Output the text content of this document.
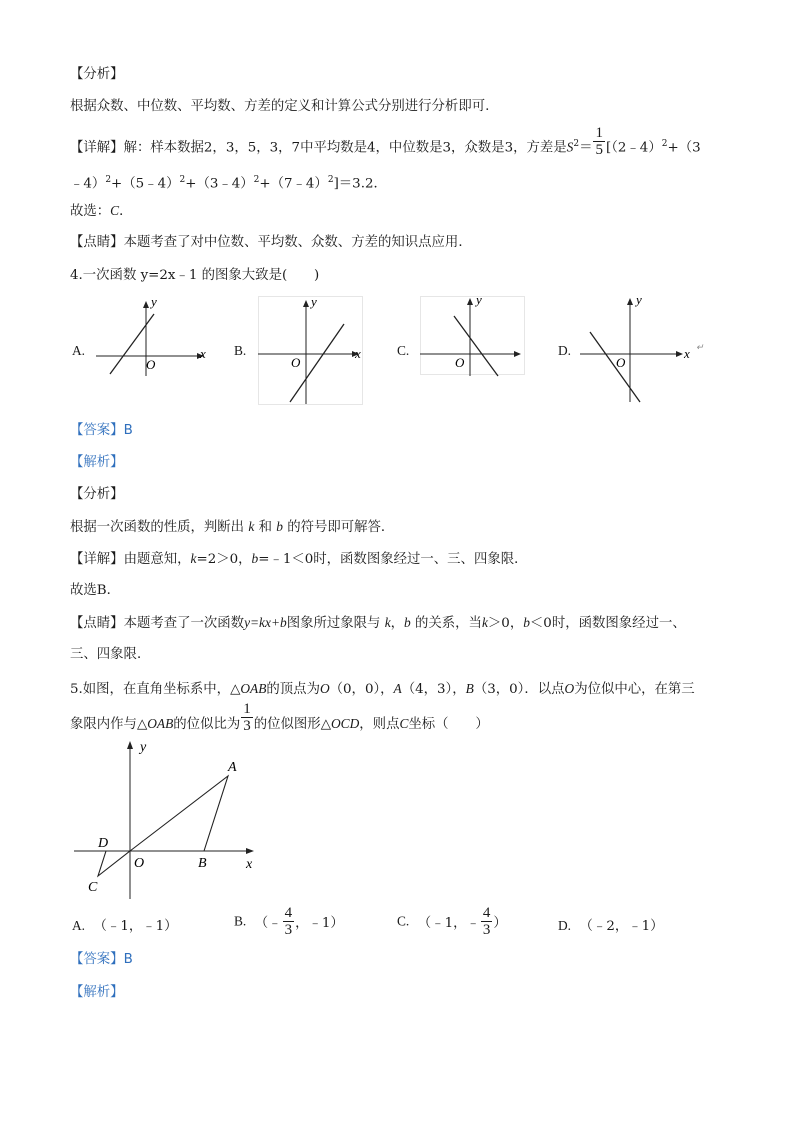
【分析】
根据众数、中位数、平均数、方差的定义和计算公式分别进行分析即可.
【详解】解：样本数据2，3，5，3，7中平均数是4，中位数是3，众数是3，方差是$S^2= \frac{1}{5}$ [（2﹣4）$^2$+（3
﹣4）$^2$+（5﹣4）$^2$+（3﹣4）$^2$+（7﹣4）$^2$]＝3.2．
故选：C．
【点睛】本题考查了对中位数、平均数、众数、方差的知识点应用．
4.一次函数 y=2x﹣1 的图象大致是(　　)
A.	x
y
O
B.	x
y
O
C.
y
O
D.	x
y
O
↵
【答案】B
【解析】
【分析】
根据一次函数的性质，判断出 k 和 b 的符号即可解答．
【详解】由题意知，k=2＞0，b=﹣1＜0时，函数图象经过一、三、四象限．
故选B．
【点睛】本题考查了一次函数y=kx+b图象所过象限与 k，b 的关系，当k＞0，b＜0时，函数图象经过一、
三、四象限．
5.如图，在直角坐标系中，△OAB的顶点为O（0，0），A（4，3），B（3，0）．以点O为位似中心，在第三
象限内作与△OAB的位似比为 $\frac{1}{3}$ 的位似图形△OCD，则点C坐标（　　）
y
x
A
B
C
D
O
A. （﹣1，﹣1）	B. （﹣ $\frac{4}{3}$ ，﹣1）	C. （﹣1，﹣ $\frac{4}{3}$ ）	D. （﹣2，﹣1）
【答案】B
【解析】
